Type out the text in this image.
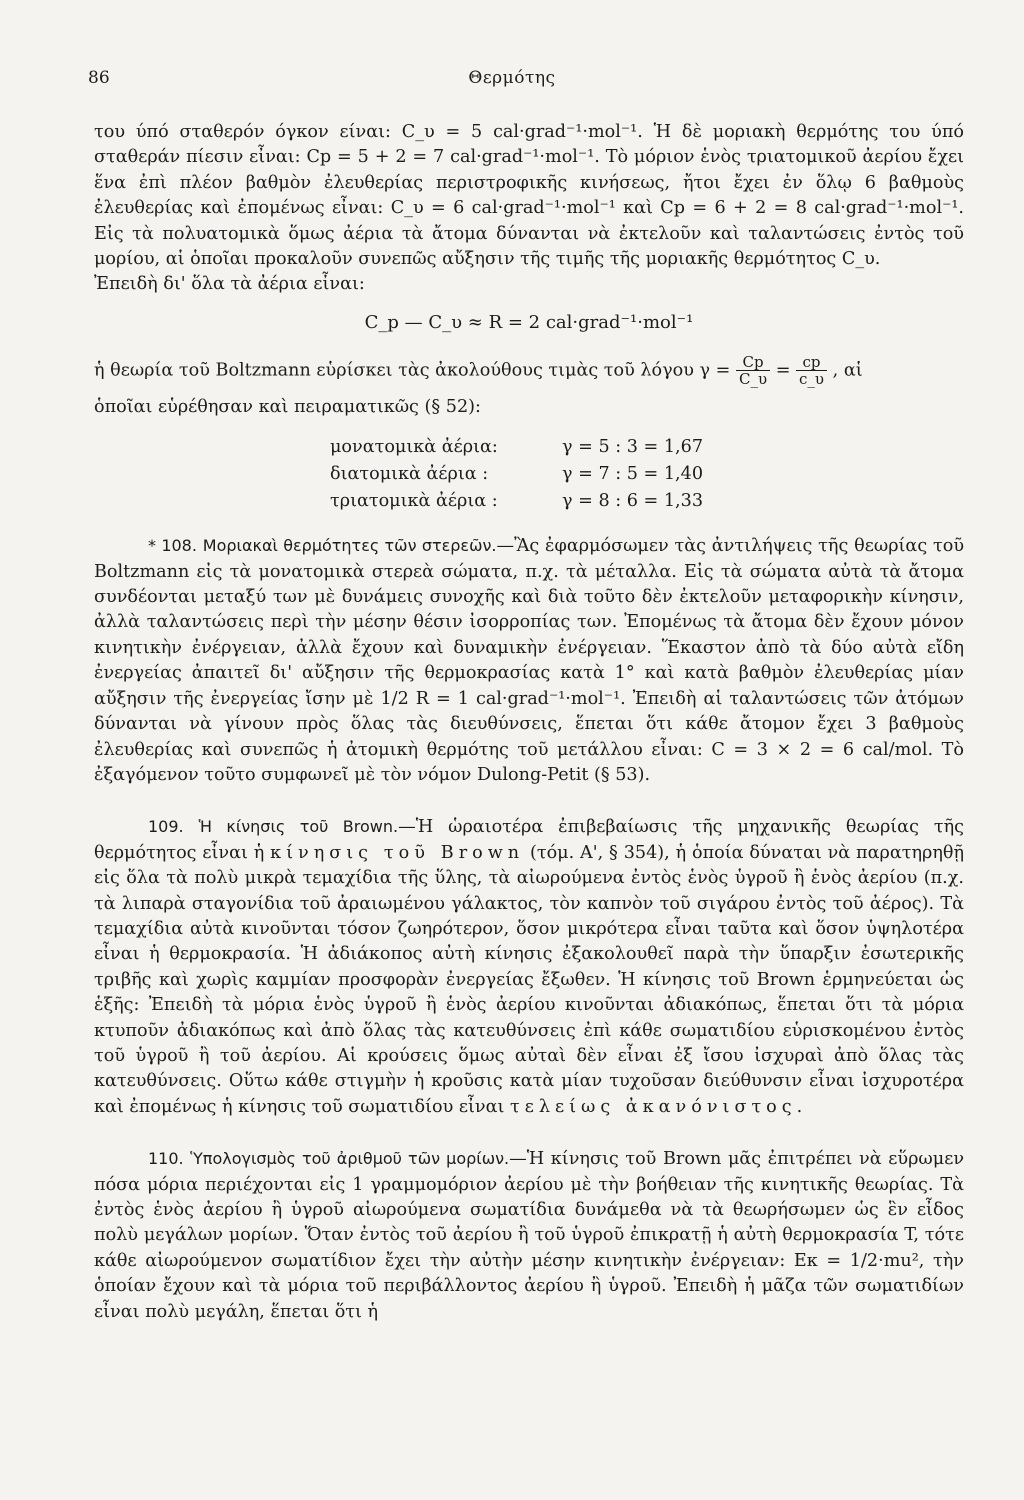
86	Θερμότης

του ύπό σταθερόν όγκον είναι: C_υ = 5 cal·grad⁻¹·mol⁻¹. Ἡ δὲ μοριακὴ θερμότης του ύπό σταθεράν πίεσιν εἶναι: Cp = 5 + 2 = 7 cal·grad⁻¹·mol⁻¹. Τὸ μόριον ἑνὸς τριατομικοῦ ἀερίου ἔχει ἕνα ἐπὶ πλέον βαθμὸν ἐλευθερίας περιστροφικῆς κινήσεως, ἤτοι ἔχει ἐν ὅλῳ 6 βαθμοὺς ἐλευθερίας καὶ ἐπομένως εἶναι: C_υ = 6 cal·grad⁻¹·mol⁻¹ καὶ Cp = 6 + 2 = 8 cal·grad⁻¹·mol⁻¹. Εἰς τὰ πολυατομικὰ ὅμως ἀέρια τὰ ἄτομα δύνανται νὰ ἐκτελοῦν καὶ ταλαντώσεις ἐντὸς τοῦ μορίου, αἱ ὁποῖαι προκαλοῦν συνεπῶς αὔξησιν τῆς τιμῆς τῆς μοριακῆς θερμότητος C_υ.

Ἐπειδὴ δι' ὅλα τὰ ἀέρια εἶναι:

C_p — C_υ ≈ R = 2 cal·grad⁻¹·mol⁻¹
ἡ θεωρία τοῦ Boltzmann εὑρίσκει τὰς ἀκολούθους τιμὰς τοῦ λόγου $\gamma = \frac{Cp}{C\_\upsilon} = \frac{cp}{c\_\upsilon}$ , αἱ

ὁποῖαι εὑρέθησαν καὶ πειραματικῶς (§ 52):

μονατομικὰ ἀέρια:	γ = 5 : 3 = 1,67
διατομικὰ ἀέρια :	γ = 7 : 5 = 1,40
τριατομικὰ ἀέρια :	γ = 8 : 6 = 1,33

* 108. Μοριακαὶ θερμότητες τῶν στερεῶν.—Ἂς ἐφαρμόσωμεν τὰς ἀντιλήψεις τῆς θεωρίας τοῦ Boltzmann εἰς τὰ μονατομικὰ στερεὰ σώματα, π.χ. τὰ μέταλλα. Εἰς τὰ σώματα αὐτὰ τὰ ἄτομα συνδέονται μεταξύ των μὲ δυνάμεις συνοχῆς καὶ διὰ τοῦτο δὲν ἐκτελοῦν μεταφορικὴν κίνησιν, ἀλλὰ ταλαντώσεις περὶ τὴν μέσην θέσιν ἰσορροπίας των. Ἐπομένως τὰ ἄτομα δὲν ἔχουν μόνον κινητικὴν ἐνέργειαν, ἀλλὰ ἔχουν καὶ δυναμικὴν ἐνέργειαν. Ἕκαστον ἀπὸ τὰ δύο αὐτὰ εἴδη ἐνεργείας ἀπαιτεῖ δι' αὔξησιν τῆς θερμοκρασίας κατὰ 1° καὶ κατὰ βαθμὸν ἐλευθερίας μίαν αὔξησιν τῆς ἐνεργείας ἴσην μὲ 1/2 R = 1 cal·grad⁻¹·mol⁻¹. Ἐπειδὴ αἱ ταλαντώσεις τῶν ἀτόμων δύνανται νὰ γίνουν πρὸς ὅλας τὰς διευθύνσεις, ἕπεται ὅτι κάθε ἄτομον ἔχει 3 βαθμοὺς ἐλευθερίας καὶ συνεπῶς ἡ ἀτομικὴ θερμότης τοῦ μετάλλου εἶναι: C = 3 × 2 = 6 cal/mol. Τὸ ἐξαγόμενον τοῦτο συμφωνεῖ μὲ τὸν νόμον Dulong-Petit (§ 53).

109. Ἡ κίνησις τοῦ Brown.—Ἡ ὡραιοτέρα ἐπιβεβαίωσις τῆς μηχανικῆς θεωρίας τῆς θερμότητος εἶναι ἡ κίνησις τοῦ Brown (τόμ. Α', § 354), ἡ ὁποία δύναται νὰ παρατηρηθῇ εἰς ὅλα τὰ πολὺ μικρὰ τεμαχίδια τῆς ὕλης, τὰ αἰωρούμενα ἐντὸς ἑνὸς ὑγροῦ ἢ ἑνὸς ἀερίου (π.χ. τὰ λιπαρὰ σταγονίδια τοῦ ἀραιωμένου γάλακτος, τὸν καπνὸν τοῦ σιγάρου ἐντὸς τοῦ ἀέρος). Τὰ τεμαχίδια αὐτὰ κινοῦνται τόσον ζωηρότερον, ὅσον μικρότερα εἶναι ταῦτα καὶ ὅσον ὑψηλοτέρα εἶναι ἡ θερμοκρασία. Ἡ ἀδιάκοπος αὐτὴ κίνησις ἐξακολουθεῖ παρὰ τὴν ὕπαρξιν ἐσωτερικῆς τριβῆς καὶ χωρὶς καμμίαν προσφορὰν ἐνεργείας ἔξωθεν. Ἡ κίνησις τοῦ Brown ἑρμηνεύεται ὡς ἑξῆς: Ἐπειδὴ τὰ μόρια ἑνὸς ὑγροῦ ἢ ἑνὸς ἀερίου κινοῦνται ἀδιακόπως, ἕπεται ὅτι τὰ μόρια κτυποῦν ἀδιακόπως καὶ ἀπὸ ὅλας τὰς κατευθύνσεις ἐπὶ κάθε σωματιδίου εὑρισκομένου ἐντὸς τοῦ ὑγροῦ ἢ τοῦ ἀερίου. Αἱ κρούσεις ὅμως αὐταὶ δὲν εἶναι ἐξ ἴσου ἰσχυραὶ ἀπὸ ὅλας τὰς κατευθύνσεις. Οὕτω κάθε στιγμὴν ἡ κροῦσις κατὰ μίαν τυχοῦσαν διεύθυνσιν εἶναι ἰσχυροτέρα καὶ ἐπομένως ἡ κίνησις τοῦ σωματιδίου εἶναι τελείως ἀκανόνιστος.

110. Ὑπολογισμὸς τοῦ ἀριθμοῦ τῶν μορίων.—Ἡ κίνησις τοῦ Brown μᾶς ἐπιτρέπει νὰ εὕρωμεν πόσα μόρια περιέχονται εἰς 1 γραμμομόριον ἀερίου μὲ τὴν βοήθειαν τῆς κινητικῆς θεωρίας. Τὰ ἐντὸς ἑνὸς ἀερίου ἢ ὑγροῦ αἰωρούμενα σωματίδια δυνάμεθα νὰ τὰ θεωρήσωμεν ὡς ἓν εἶδος πολὺ μεγάλων μορίων. Ὅταν ἐντὸς τοῦ ἀερίου ἢ τοῦ ὑγροῦ ἐπικρατῇ ἡ αὐτὴ θερμοκρασία T, τότε κάθε αἰωρούμενον σωματίδιον ἔχει τὴν αὐτὴν μέσην κινητικὴν ἐνέργειαν: Eκ = 1/2·mu², τὴν ὁποίαν ἔχουν καὶ τὰ μόρια τοῦ περιβάλλοντος ἀερίου ἢ ὑγροῦ. Ἐπειδὴ ἡ μᾶζα τῶν σωματιδίων εἶναι πολὺ μεγάλη, ἕπεται ὅτι ἡ
